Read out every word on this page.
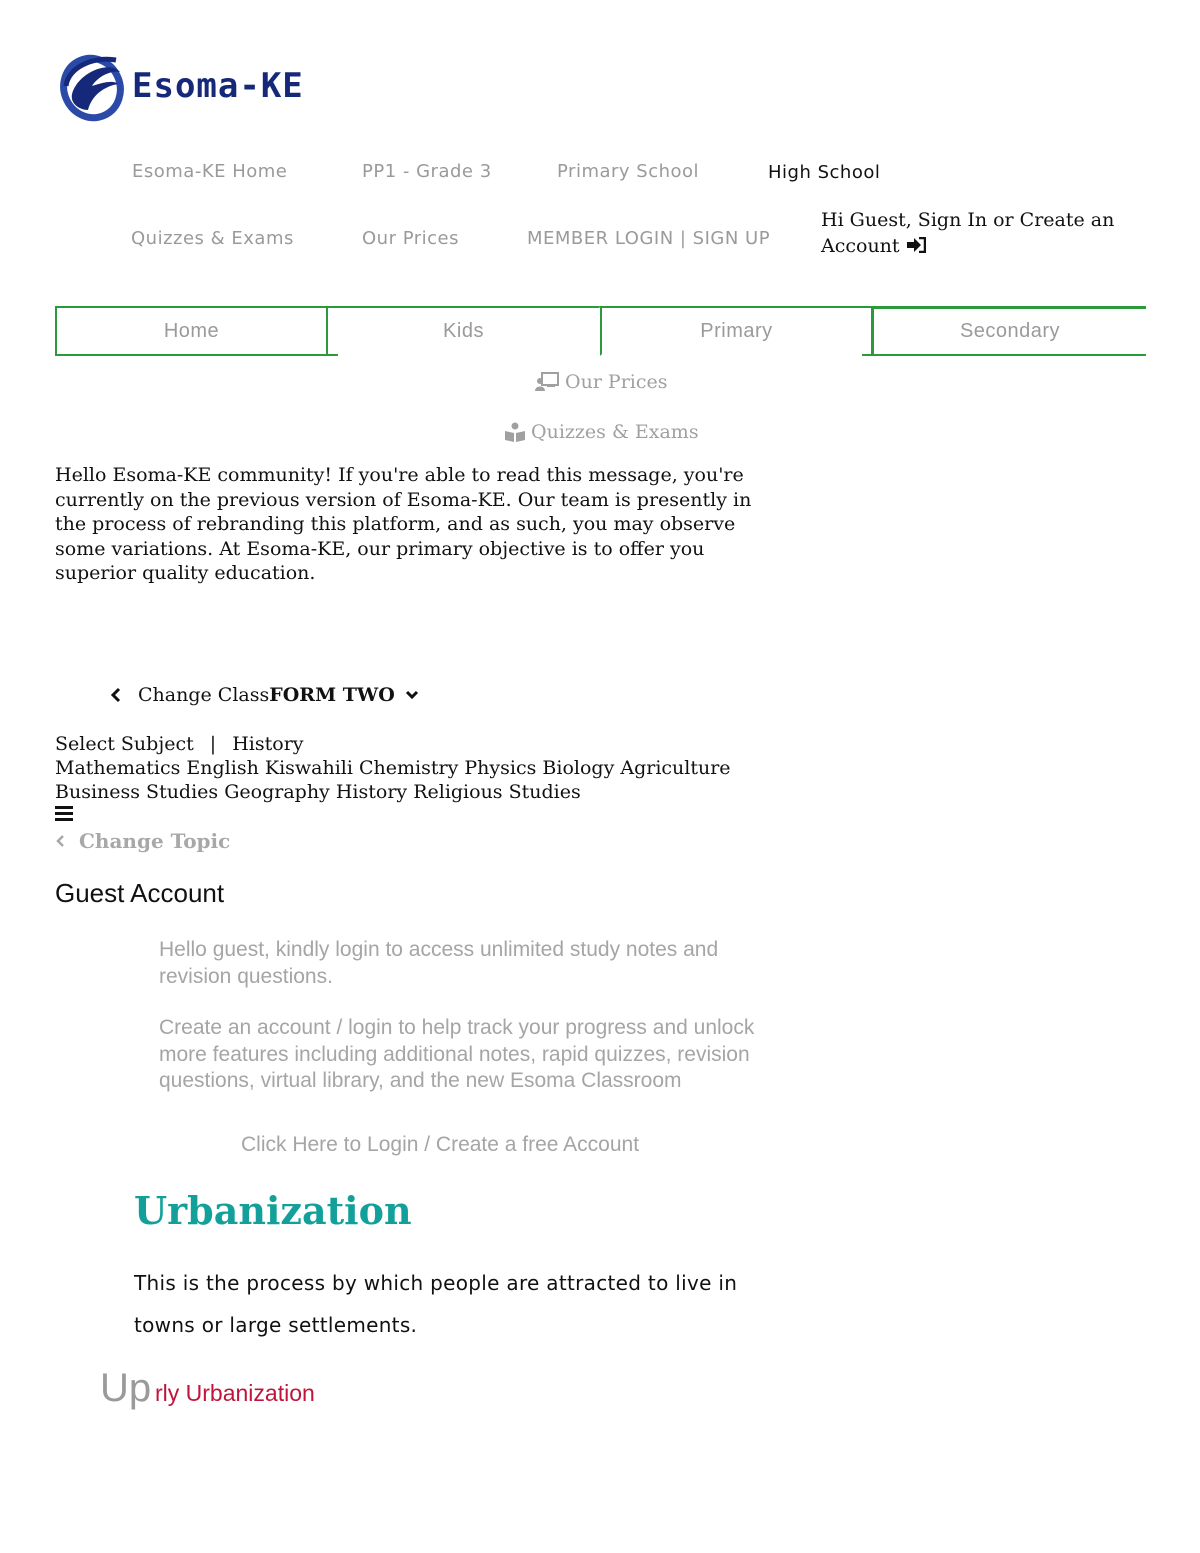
Esoma-KE
Esoma-KE Home	PP1 - Grade 3	Primary School	High School
Quizzes & Exams	Our Prices	MEMBER LOGIN | SIGN UP
Hi Guest, Sign In or Create an Account
Home	Kids	Primary	Secondary
Our Prices
Quizzes & Exams
Hello Esoma-KE community! If you're able to read this message, you're currently on the previous version of Esoma-KE. Our team is presently in the process of rebranding this platform, and as such, you may observe some variations. At Esoma-KE, our primary objective is to offer you superior quality education.
Change ClassFORM TWO
Select Subject | History
Mathematics English Kiswahili Chemistry Physics Biology Agriculture Business Studies Geography History Religious Studies
Change Topic
Guest Account
Hello guest, kindly login to access unlimited study notes and revision questions.
Create an account / login to help track your progress and unlock more features including additional notes, rapid quizzes, revision questions, virtual library, and the new Esoma Classroom
Click Here to Login / Create a free Account
Urbanization
This is the process by which people are attracted to live in towns or large settlements.
Up rly Urbanization
